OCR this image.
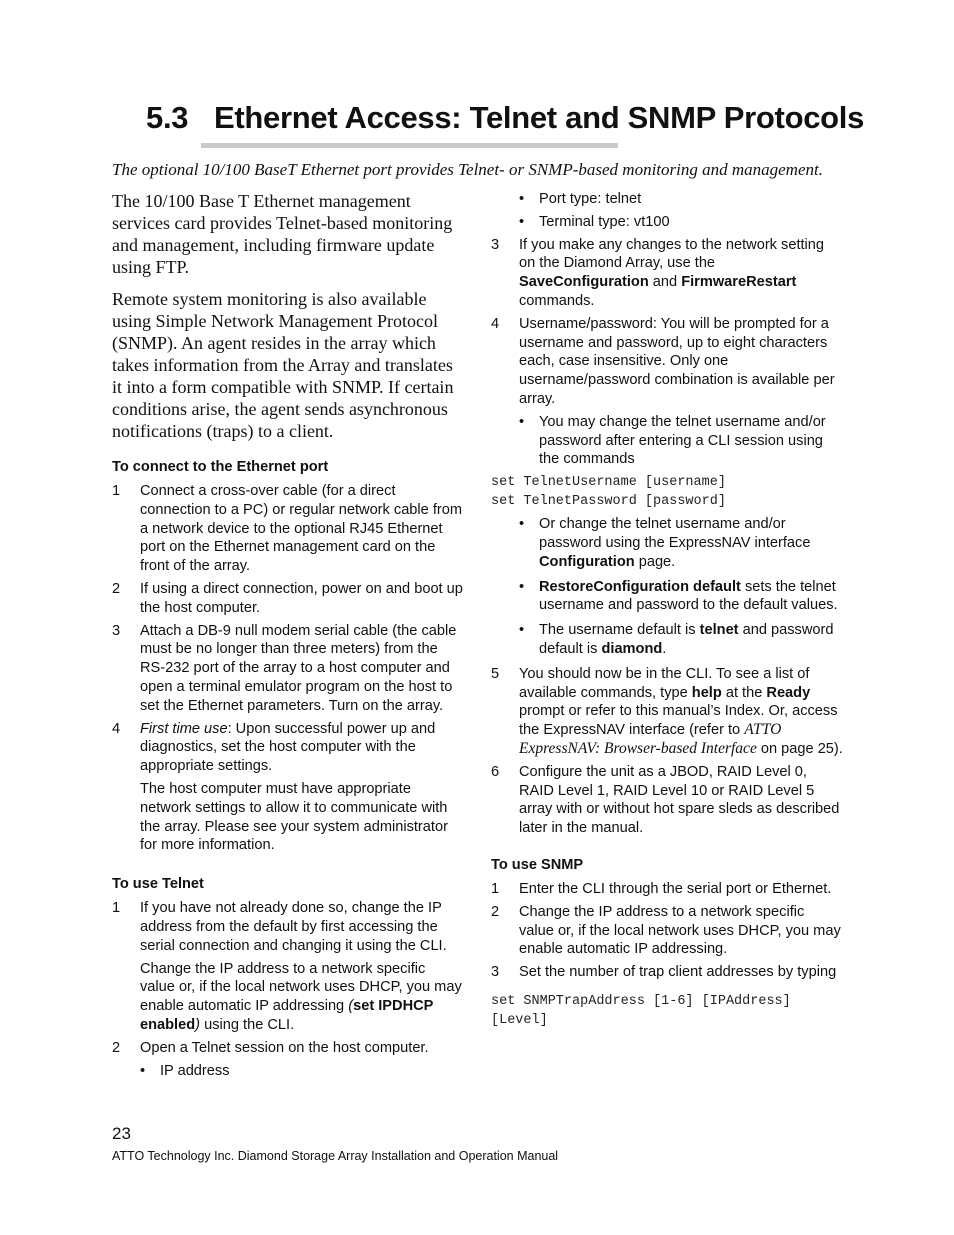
5.3 Ethernet Access: Telnet and SNMP Protocols
The optional 10/100 BaseT Ethernet port provides Telnet- or SNMP-based monitoring and management.

The 10/100 Base T Ethernet management services card provides Telnet-based monitoring and management, including firmware update using FTP.

Remote system monitoring is also available using Simple Network Management Protocol (SNMP). An agent resides in the array which takes information from the Array and translates it into a form compatible with SNMP. If certain conditions arise, the agent sends asynchronous notifications (traps) to a client.

To connect to the Ethernet port
1	Connect a cross-over cable (for a direct connection to a PC) or regular network cable from a network device to the optional RJ45 Ethernet port on the Ethernet management card on the front of the array.
2	If using a direct connection, power on and boot up the host computer.
3	Attach a DB-9 null modem serial cable (the cable must be no longer than three meters) from the RS-232 port of the array to a host computer and open a terminal emulator program on the host to set the Ethernet parameters. Turn on the array.
4	First time use: Upon successful power up and diagnostics, set the host computer with the appropriate settings.
The host computer must have appropriate network settings to allow it to communicate with the array. Please see your system administrator for more information.
To use Telnet
1	If you have not already done so, change the IP address from the default by first accessing the serial connection and changing it using the CLI.
Change the IP address to a network specific value or, if the local network uses DHCP, you may enable automatic IP addressing (set IPDHCP enabled) using the CLI.
2	Open a Telnet session on the host computer.
•	IP address
•	Port type: telnet
•	Terminal type: vt100
3	If you make any changes to the network setting on the Diamond Array, use the SaveConfiguration and FirmwareRestart commands.
4	Username/password: You will be prompted for a username and password, up to eight characters each, case insensitive. Only one username/password combination is available per array.
•	You may change the telnet username and/or password after entering a CLI session using the commands
set TelnetUsername [username]
set TelnetPassword [password]
•	Or change the telnet username and/or password using the ExpressNAV interface Configuration page.
•	RestoreConfiguration default sets the telnet username and password to the default values.
•	The username default is telnet and password default is diamond.
5	You should now be in the CLI. To see a list of available commands, type help at the Ready prompt or refer to this manual’s Index. Or, access the ExpressNAV interface (refer to ATTO ExpressNAV: Browser-based Interface on page 25).
6	Configure the unit as a JBOD, RAID Level 0, RAID Level 1, RAID Level 10 or RAID Level 5 array with or without hot spare sleds as described later in the manual.
To use SNMP
1	Enter the CLI through the serial port or Ethernet.
2	Change the IP address to a network specific value or, if the local network uses DHCP, you may enable automatic IP addressing.
3	Set the number of trap client addresses by typing
set SNMPTrapAddress [1-6] [IPAddress]
[Level]
23
ATTO Technology Inc. Diamond Storage Array Installation and Operation Manual
